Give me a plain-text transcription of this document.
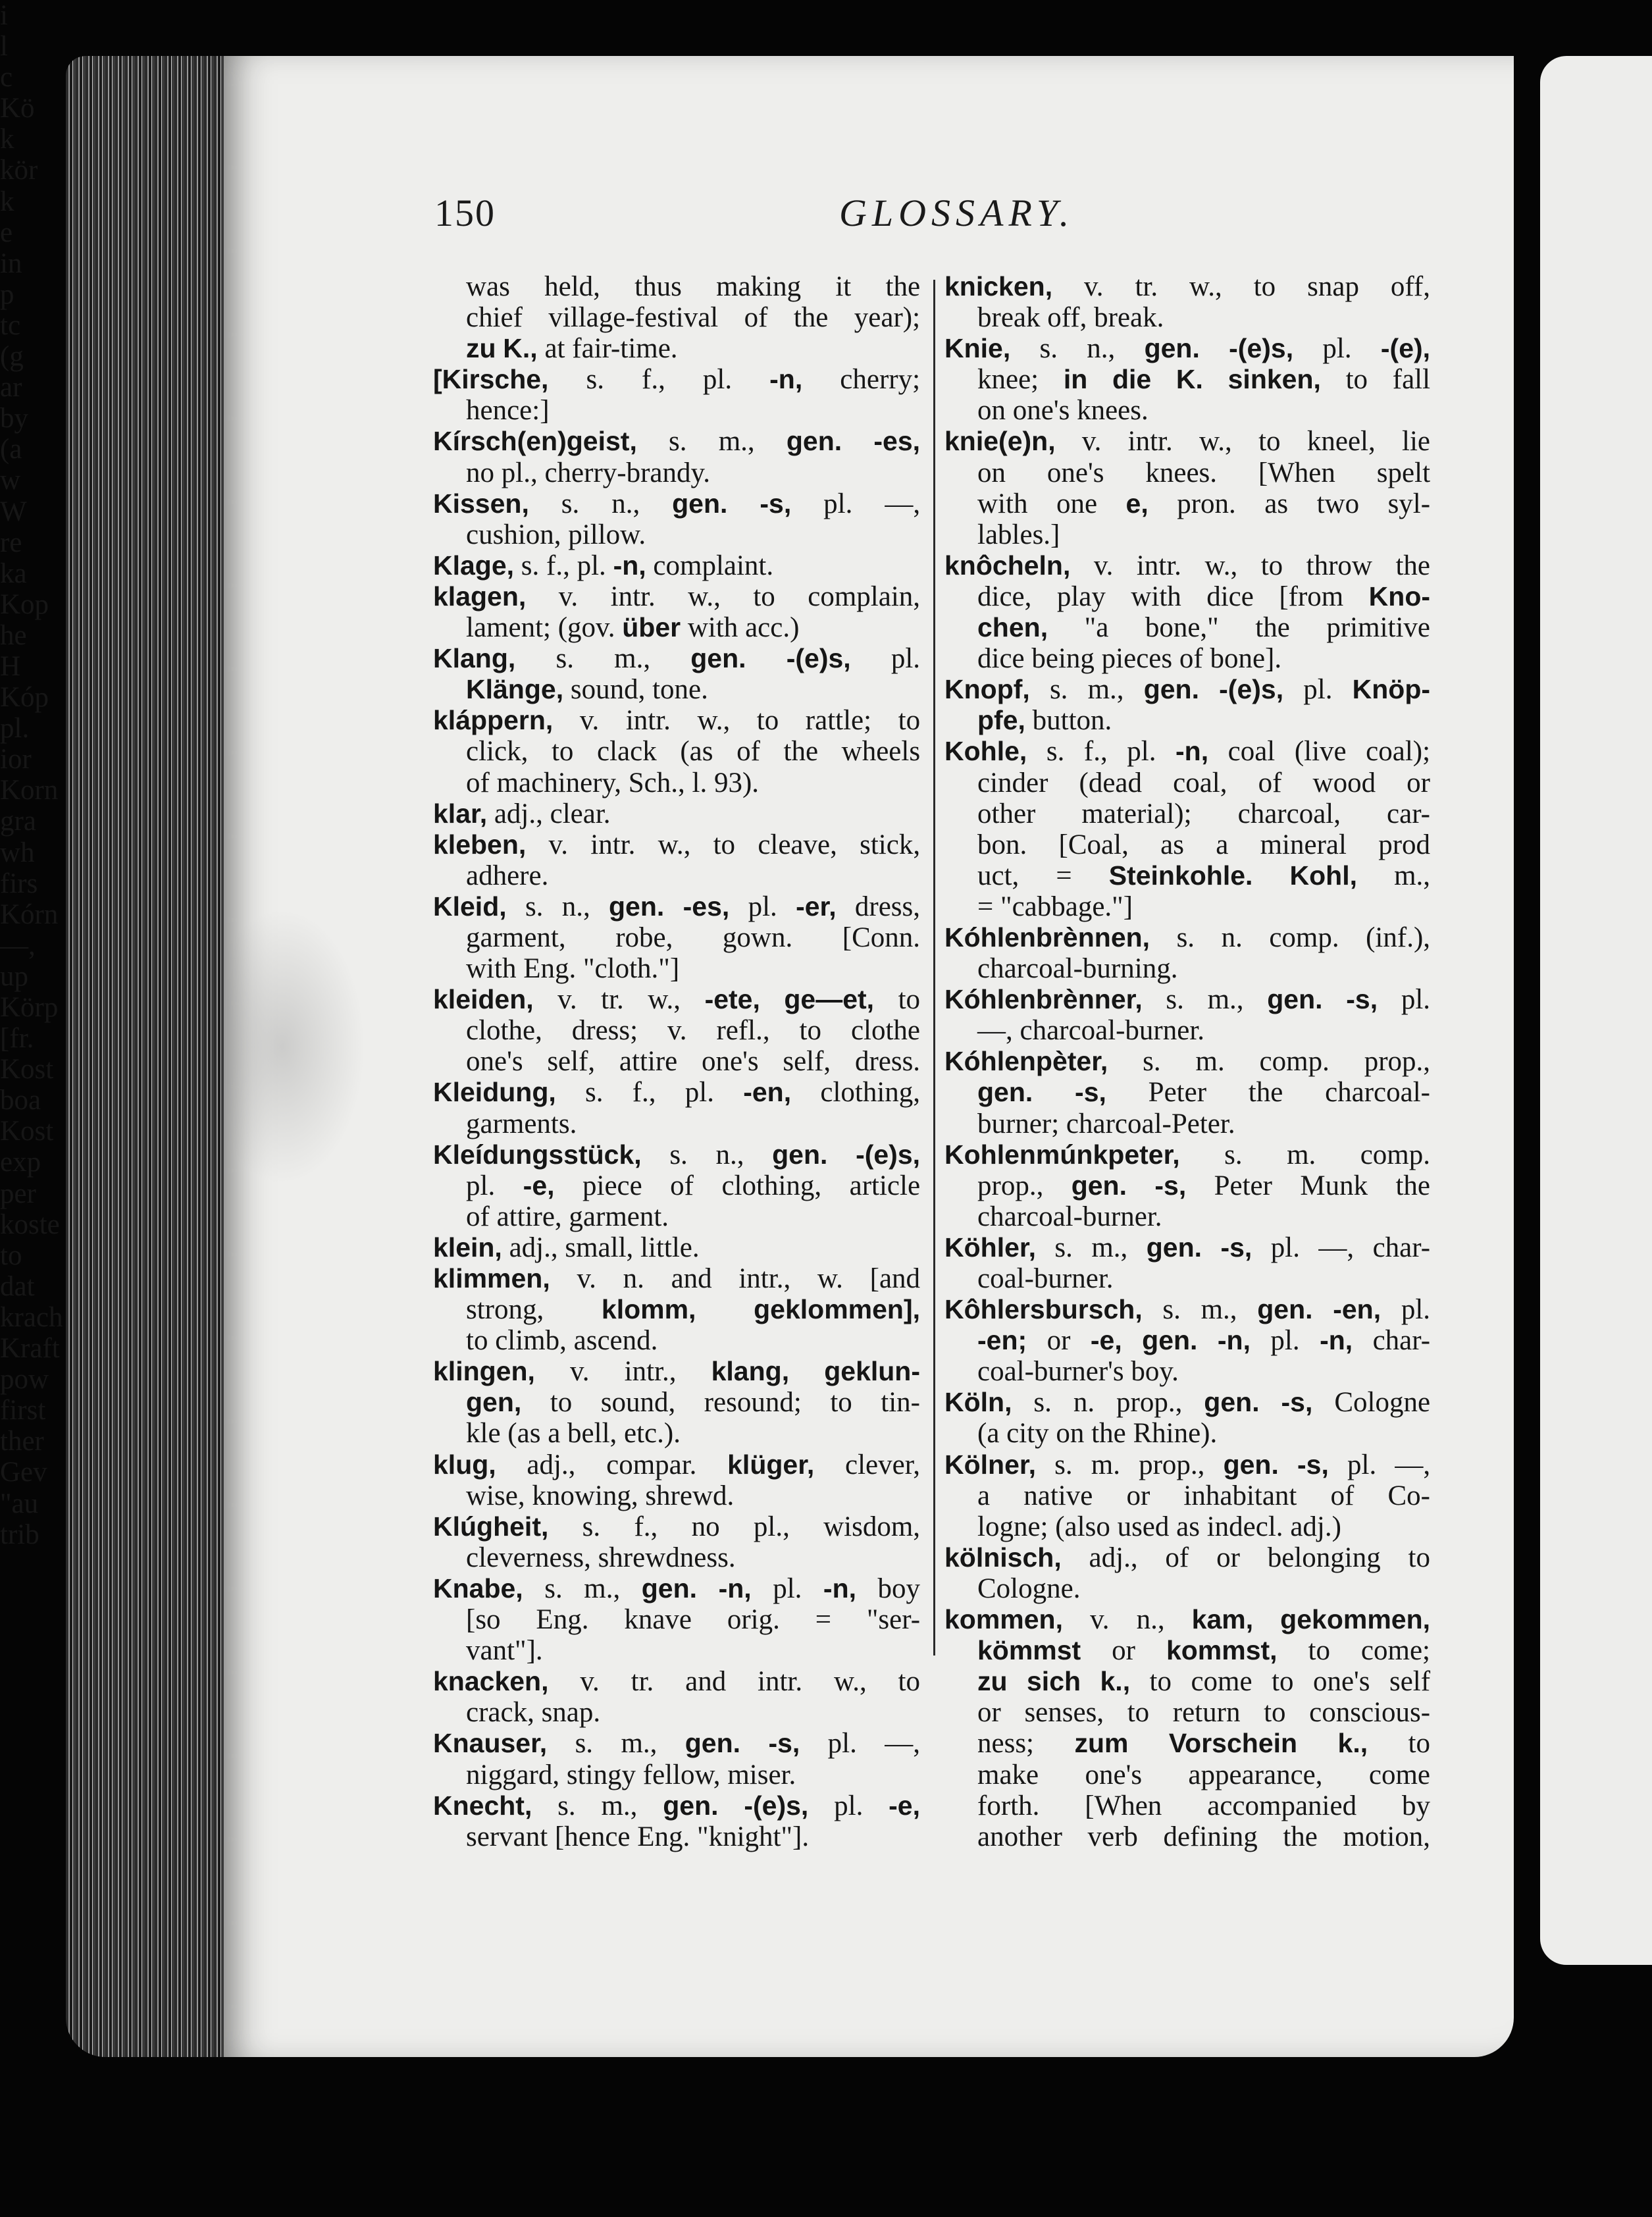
150	GLOSSARY.
was held, thus making it the
chief village-festival of the year);
zu K., at fair-time.
[Kirsche, s. f., pl. -n, cherry;
hence:]
Kírsch(en)geist, s. m., gen. -es,
no pl., cherry-brandy.
Kissen, s. n., gen. -s, pl. —,
cushion, pillow.
Klage, s. f., pl. -n, complaint.
klagen, v. intr. w., to complain,
lament; (gov. über with acc.)
Klang, s. m., gen. -(e)s, pl.
Klänge, sound, tone.
kláppern, v. intr. w., to rattle; to
click, to clack (as of the wheels
of machinery, Sch., l. 93).
klar, adj., clear.
kleben, v. intr. w., to cleave, stick,
adhere.
Kleid, s. n., gen. -es, pl. -er, dress,
garment, robe, gown. [Conn.
with Eng. "cloth."]
kleiden, v. tr. w., -ete, ge—et, to
clothe, dress; v. refl., to clothe
one's self, attire one's self, dress.
Kleidung, s. f., pl. -en, clothing,
garments.
Kleídungsstück, s. n., gen. -(e)s,
pl. -e, piece of clothing, article
of attire, garment.
klein, adj., small, little.
klimmen, v. n. and intr., w. [and
strong, klomm, geklommen],
to climb, ascend.
klingen, v. intr., klang, geklun-
gen, to sound, resound; to tin-
kle (as a bell, etc.).
klug, adj., compar. klüger, clever,
wise, knowing, shrewd.
Klúgheit, s. f., no pl., wisdom,
cleverness, shrewdness.
Knabe, s. m., gen. -n, pl. -n, boy
[so Eng. knave orig. = "ser-
vant"].
knacken, v. tr. and intr. w., to
crack, snap.
Knauser, s. m., gen. -s, pl. —,
niggard, stingy fellow, miser.
Knecht, s. m., gen. -(e)s, pl. -e,
servant [hence Eng. "knight"].
knicken, v. tr. w., to snap off,
break off, break.
Knie, s. n., gen. -(e)s, pl. -(e),
knee; in die K. sinken, to fall
on one's knees.
knie(e)n, v. intr. w., to kneel, lie
on one's knees. [When spelt
with one e, pron. as two syl-
lables.]
knôcheln, v. intr. w., to throw the
dice, play with dice [from Kno-
chen, "a bone," the primitive
dice being pieces of bone].
Knopf, s. m., gen. -(e)s, pl. Knöp-
pfe, button.
Kohle, s. f., pl. -n, coal (live coal);
cinder (dead coal, of wood or
other material); charcoal, car-
bon. [Coal, as a mineral prod
uct, = Steinkohle. Kohl, m.,
= "cabbage."]
Kóhlenbrènnen, s. n. comp. (inf.),
charcoal-burning.
Kóhlenbrènner, s. m., gen. -s, pl.
—, charcoal-burner.
Kóhlenpèter, s. m. comp. prop.,
gen. -s, Peter the charcoal-
burner; charcoal-Peter.
Kohlenmúnkpeter, s. m. comp.
prop., gen. -s, Peter Munk the
charcoal-burner.
Köhler, s. m., gen. -s, pl. —, char-
coal-burner.
Kôhlersbursch, s. m., gen. -en, pl.
-en; or -e, gen. -n, pl. -n, char-
coal-burner's boy.
Köln, s. n. prop., gen. -s, Cologne
(a city on the Rhine).
Kölner, s. m. prop., gen. -s, pl. —,
a native or inhabitant of Co-
logne; (also used as indecl. adj.)
kölnisch, adj., of or belonging to
Cologne.
kommen, v. n., kam, gekommen,
kömmst or kommst, to come;
zu sich k., to come to one's self
or senses, to return to conscious-
ness; zum Vorschein k., to
make one's appearance, come
forth. [When accompanied by
another verb defining the motion,
i
l
c
Kö
k
kör
k
e
in
p
tc
(g
ar
by
(a
w
W
re
ka
Kop
he
H
Kóp
pl.
ior
Korn
gra
wh
firs
Kórn
—,
up
Körp
[fr.
Kost
boa
Kost
exp
per
koste
to
dat
krach
Kraft
pow
first
ther
Gev
"au
trib
